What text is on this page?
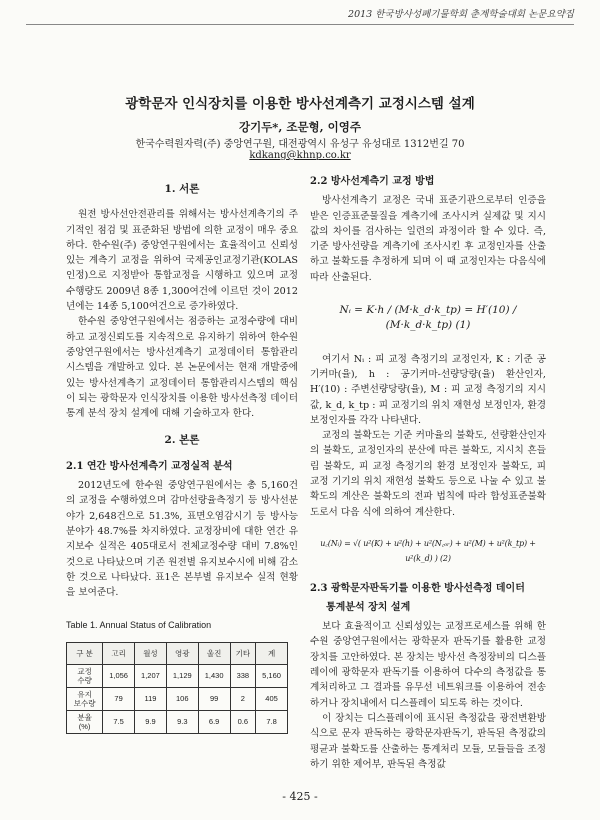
2013 한국방사성폐기물학회 춘계학술대회 논문요약집
광학문자 인식장치를 이용한 방사선계측기 교정시스템 설계
강기두*, 조문형, 이영주
한국수력원자력(주) 중앙연구원, 대전광역시 유성구 유성대로 1312번길 70
kdkang@khnp.co.kr
1. 서론

원전 방사선안전관리를 위해서는 방사선계측기의 주기적인 점검 및 표준화된 방법에 의한 교정이 매우 중요하다. 한수원(주) 중앙연구원에서는 효율적이고 신뢰성있는 계측기 교정을 위하여 국제공인교정기관(KOLAS인정)으로 지정받아 통합교정을 시행하고 있으며 교정수행량도 2009년 8종 1,300여건에 이르던 것이 2012년에는 14종 5,100여건으로 증가하였다.

한수원 중앙연구원에서는 점증하는 교정수량에 대비하고 교정신뢰도를 지속적으로 유지하기 위하여 한수원 중앙연구원에서는 방사선계측기 교정데이터 통합관리 시스템을 개발하고 있다. 본 논문에서는 현재 개발중에 있는 방사선계측기 교정데이터 통합관리시스템의 핵심이 되는 광학문자 인식장치를 이용한 방사선측정 데이터 통계 분석 장치 설계에 대해 기술하고자 한다.

2. 본론
2.1 연간 방사선계측기 교정실적 분석

2012년도에 한수원 중앙연구원에서는 총 5,160건의 교정을 수행하였으며 감마선량율측정기 등 방사선분야가 2,648건으로 51.3%, 표면오염감시기 등 방사능분야가 48.7%를 차지하였다. 교정장비에 대한 연간 유지보수 실적은 405대로서 전체교정수량 대비 7.8%인 것으로 나타났으며 기존 원전별 유지보수시에 비해 감소한 것으로 나타났다. 표1은 본부별 유지보수 실적 현황을 보여준다.

Table 1. Annual Status of Calibration
구 분	고리	월성	영광	울진	기타	계
교정
수량	1,056	1,207	1,129	1,430	338	5,160
유지
보수량	79	119	106	99	2	405
분율
(%)	7.5	9.9	9.3	6.9	0.6	7.8
2.2 방사선계측기 교정 방법

방사선계측기 교정은 국내 표준기관으로부터 인증을 받은 인증표준물질을 계측기에 조사시켜 실제값 및 지시값의 차이를 검사하는 일련의 과정이라 할 수 있다. 즉, 기준 방사선량을 계측기에 조사시킨 후 교정인자를 산출하고 불확도를 추정하게 되며 이 때 교정인자는 다음식에 따라 산출된다.

Nᵢ = K·h / (M·k_d·k_tp) = H′(10) / (M·k_d·k_tp) (1)

여기서 Nᵢ : 피 교정 측정기의 교정인자, K : 기준 공기커마(율), h : 공기커마-선량당량(율) 환산인자, H′(10) : 주변선량당량(율), M : 피 교정 측정기의 지시 값, k_d, k_tp : 피 교정기의 위치 재현성 보정인자, 환경 보정인자를 각각 나타낸다.

교정의 불확도는 기준 커마율의 불확도, 선량환산인자의 불확도, 교정인자의 분산에 따른 불확도, 지시치 흔들림 불확도, 피 교정 측정기의 환경 보정인자 불확도, 피 교정 기기의 위치 재현성 불확도 등으로 나눌 수 있고 불확도의 계산은 불확도의 전파 법칙에 따라 합성표준불확도로서 다음 식에 의하여 계산한다.

u꜀(Nᵢ) = √( u²(K) + u²(h) + u²(N꜀ₒᵣ) + u²(M) + u²(k_tp) + u²(k_d) ) (2)
2.3 광학문자판독기를 이용한 방사선측정 데이터
통계분석 장치 설계

보다 효율적이고 신뢰성있는 교정프로세스를 위해 한수원 중앙연구원에서는 광학문자 판독기를 활용한 교정장치를 고안하였다. 본 장치는 방사선 측정장비의 디스플레이에 광학문자 판독기를 이용하여 다수의 측정값을 통계처리하고 그 결과를 유무선 네트워크를 이용하여 전송하거나 장치내에서 디스플레이 되도록 하는 것이다.

이 장치는 디스플레이에 표시된 측정값을 광전변환방식으로 문자 판독하는 광학문자판독기, 판독된 측정값의 평균과 불확도를 산출하는 통계처리 모듈, 모듈들을 조정하기 위한 제어부, 판독된 측정값

- 425 -
